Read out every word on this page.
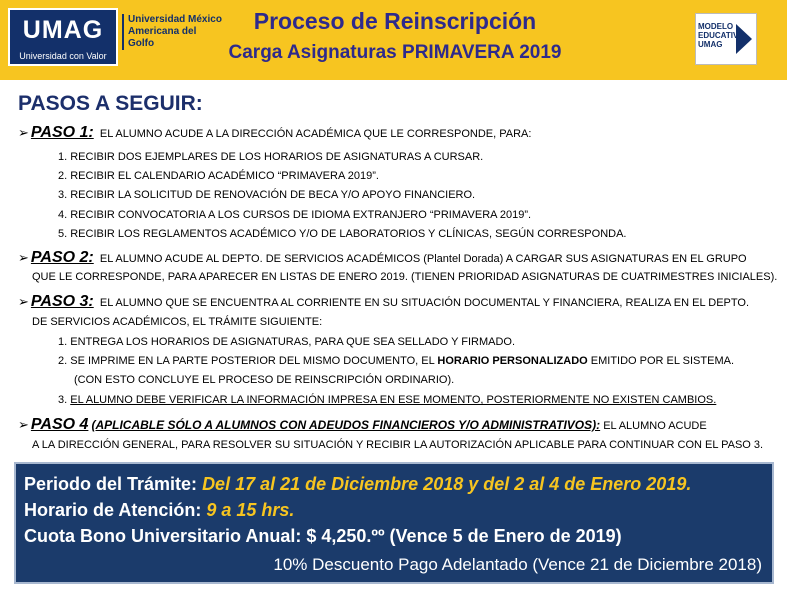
UMAG
Universidad con Valor
Universidad México Americana del Golfo
Proceso de Reinscripción
Carga Asignaturas PRIMAVERA 2019
MODELO EDUCATIVO UMAG
PASOS A SEGUIR:
➢ PASO 1: EL ALUMNO ACUDE A LA DIRECCIÓN ACADÉMICA QUE LE CORRESPONDE, PARA:
1. RECIBIR DOS EJEMPLARES DE LOS HORARIOS DE ASIGNATURAS A CURSAR.
2. RECIBIR EL CALENDARIO ACADÉMICO “PRIMAVERA 2019”.
3. RECIBIR LA SOLICITUD DE RENOVACIÓN DE BECA Y/O APOYO FINANCIERO.
4. RECIBIR CONVOCATORIA A LOS CURSOS DE IDIOMA EXTRANJERO “PRIMAVERA 2019”.
5. RECIBIR LOS REGLAMENTOS ACADÉMICO Y/O DE LABORATORIOS Y CLÍNICAS, SEGÚN CORRESPONDA.
➢ PASO 2: EL ALUMNO ACUDE AL DEPTO. DE SERVICIOS ACADÉMICOS (Plantel Dorada) A CARGAR SUS ASIGNATURAS EN EL GRUPO
QUE LE CORRESPONDE, PARA APARECER EN LISTAS DE ENERO 2019. (TIENEN PRIORIDAD ASIGNATURAS DE CUATRIMESTRES INICIALES).
➢ PASO 3: EL ALUMNO QUE SE ENCUENTRA AL CORRIENTE EN SU SITUACIÓN DOCUMENTAL Y FINANCIERA, REALIZA EN EL DEPTO.
DE SERVICIOS ACADÉMICOS, EL TRÁMITE SIGUIENTE:
1. ENTREGA LOS HORARIOS DE ASIGNATURAS, PARA QUE SEA SELLADO Y FIRMADO.
2. SE IMPRIME EN LA PARTE POSTERIOR DEL MISMO DOCUMENTO, EL HORARIO PERSONALIZADO EMITIDO POR EL SISTEMA.
(CON ESTO CONCLUYE EL PROCESO DE REINSCRIPCIÓN ORDINARIO).
3. EL ALUMNO DEBE VERIFICAR LA INFORMACIÓN IMPRESA EN ESE MOMENTO, POSTERIORMENTE NO EXISTEN CAMBIOS.
➢ PASO 4 (APLICABLE SÓLO A ALUMNOS CON ADEUDOS FINANCIEROS Y/O ADMINISTRATIVOS): EL ALUMNO ACUDE
A LA DIRECCIÓN GENERAL, PARA RESOLVER SU SITUACIÓN Y RECIBIR LA AUTORIZACIÓN APLICABLE PARA CONTINUAR CON EL PASO 3.
Periodo del Trámite: Del 17 al 21 de Diciembre 2018 y del 2 al 4 de Enero 2019.
Horario de Atención: 9 a 15 hrs.
Cuota Bono Universitario Anual: $ 4,250.ºº (Vence 5 de Enero de 2019)
10% Descuento Pago Adelantado (Vence 21 de Diciembre 2018)
